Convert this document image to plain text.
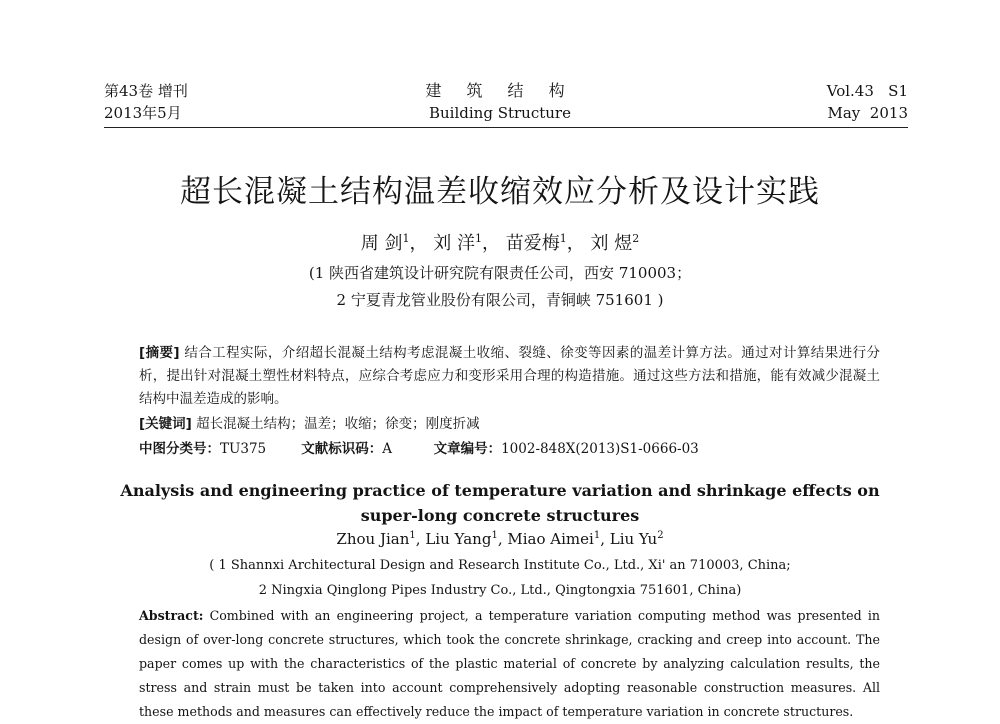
第43卷 增刊
2013年5月
建 筑 结 构
Building Structure
Vol.43   S1
May  2013
超长混凝土结构温差收缩效应分析及设计实践
周 剑$^1$， 刘 洋$^1$， 苗爱梅$^1$， 刘 煜$^2$
(1 陕西省建筑设计研究院有限责任公司，西安 710003；
2 宁夏青龙管业股份有限公司，青铜峡 751601 )
[摘要] 结合工程实际，介绍超长混凝土结构考虑混凝土收缩、裂缝、徐变等因素的温差计算方法。通过对计算结果进行分析，提出针对混凝土塑性材料特点，应综合考虑应力和变形采用合理的构造措施。通过这些方法和措施，能有效减少混凝土结构中温差造成的影响。
[关键词] 超长混凝土结构；温差；收缩；徐变；刚度折减
中图分类号：TU375	文献标识码：A	文章编号：1002-848X(2013)S1-0666-03
Analysis and engineering practice of temperature variation and shrinkage effects on
super-long concrete structures
Zhou Jian$^1$, Liu Yang$^1$, Miao Aimei$^1$, Liu Yu$^2$
( 1 Shannxi Architectural Design and Research Institute Co., Ltd., Xi' an 710003, China;
2 Ningxia Qinglong Pipes Industry Co., Ltd., Qingtongxia 751601, China)
Abstract: Combined with an engineering project, a temperature variation computing method was presented in design of over-long concrete structures, which took the concrete shrinkage, cracking and creep into account. The paper comes up with the characteristics of the plastic material of concrete by analyzing calculation results, the stress and strain must be taken into account comprehensively adopting reasonable construction measures. All these methods and measures can effectively reduce the impact of temperature variation in concrete structures.
